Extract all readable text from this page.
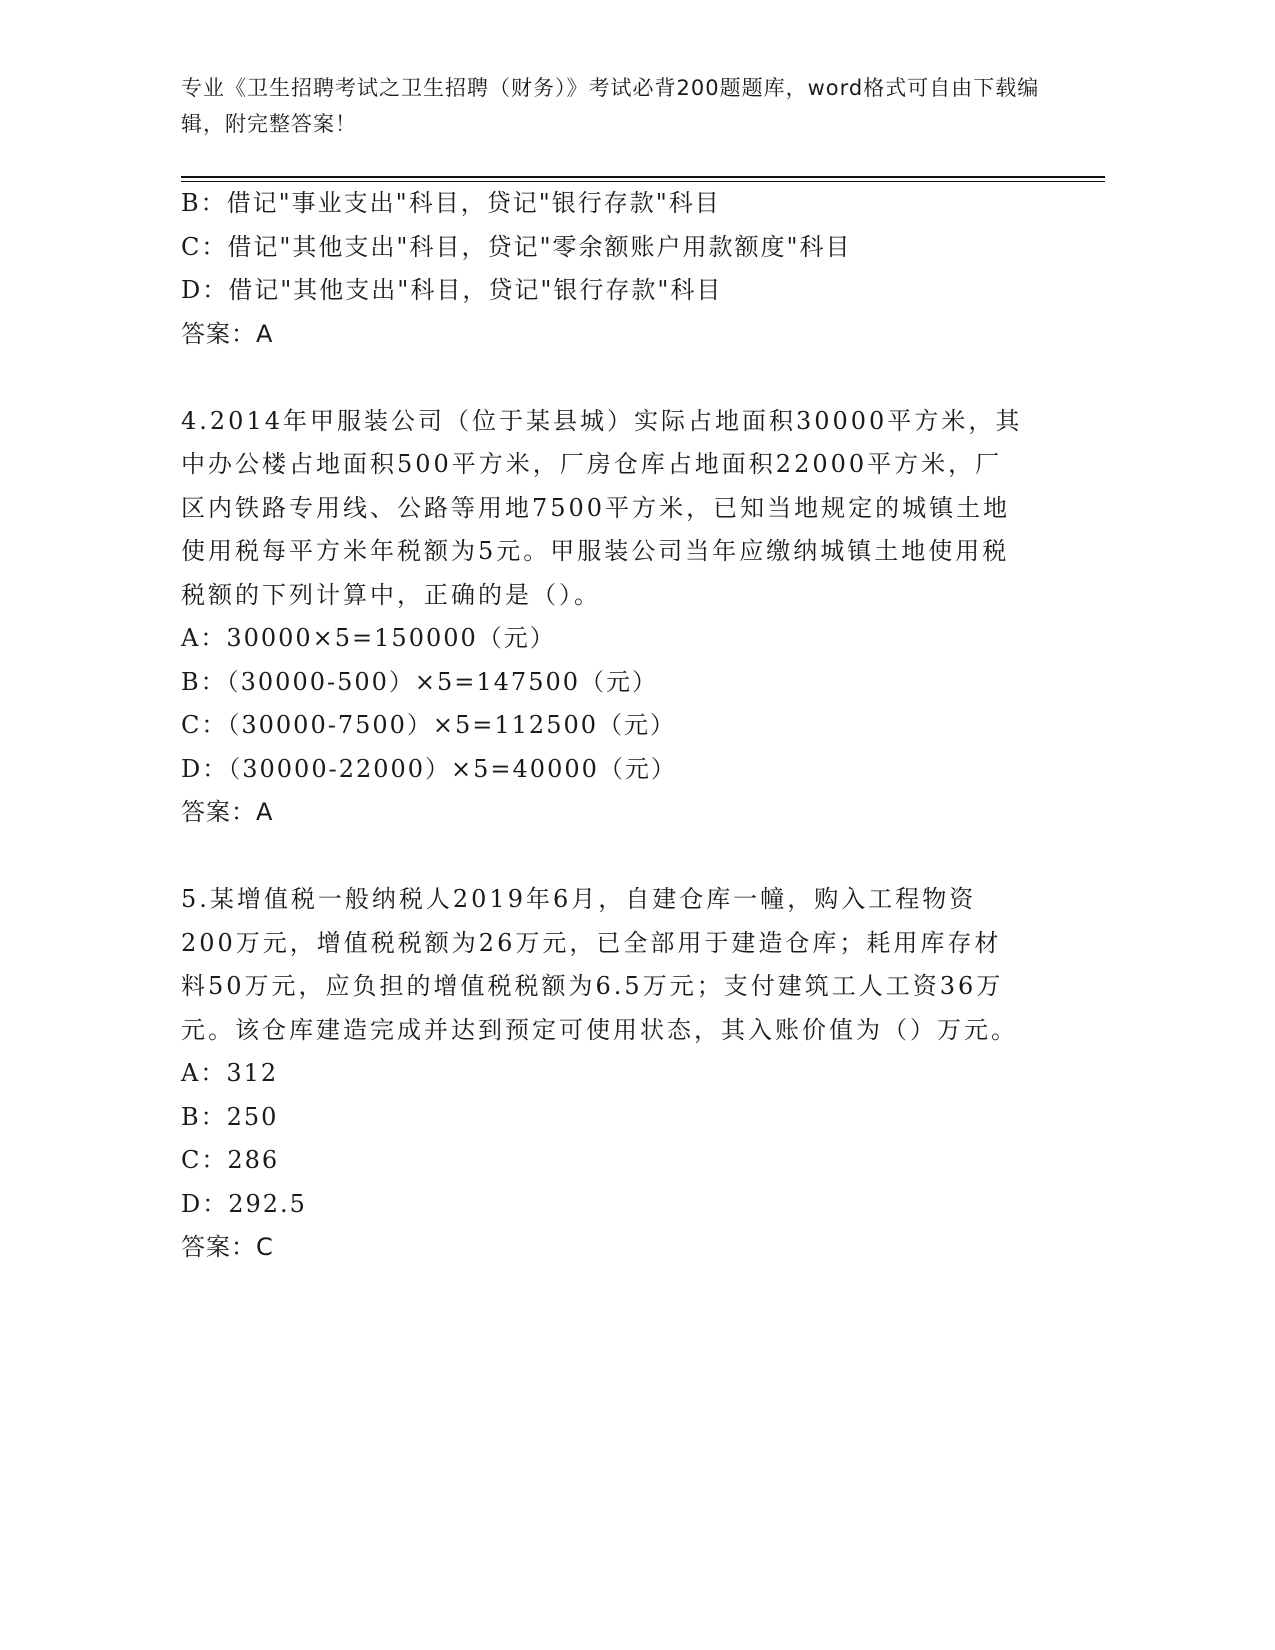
专业《卫生招聘考试之卫生招聘（财务）》考试必背200题题库，word格式可自由下载编辑，附完整答案！
B：借记"事业支出"科目，贷记"银行存款"科目
C：借记"其他支出"科目，贷记"零余额账户用款额度"科目
D：借记"其他支出"科目，贷记"银行存款"科目
答案：A
4.2014年甲服装公司（位于某县城）实际占地面积30000平方米，其中办公楼占地面积500平方米，厂房仓库占地面积22000平方米，厂区内铁路专用线、公路等用地7500平方米，已知当地规定的城镇土地使用税每平方米年税额为5元。甲服装公司当年应缴纳城镇土地使用税税额的下列计算中，正确的是（）。
A：30000×5=150000（元）
B：（30000-500）×5=147500（元）
C：（30000-7500）×5=112500（元）
D：（30000-22000）×5=40000（元）
答案：A
5.某增值税一般纳税人2019年6月，自建仓库一幢，购入工程物资200万元，增值税税额为26万元，已全部用于建造仓库；耗用库存材料50万元，应负担的增值税税额为6.5万元；支付建筑工人工资36万元。该仓库建造完成并达到预定可使用状态，其入账价值为（）万元。
A：312
B：250
C：286
D：292.5
答案：C
